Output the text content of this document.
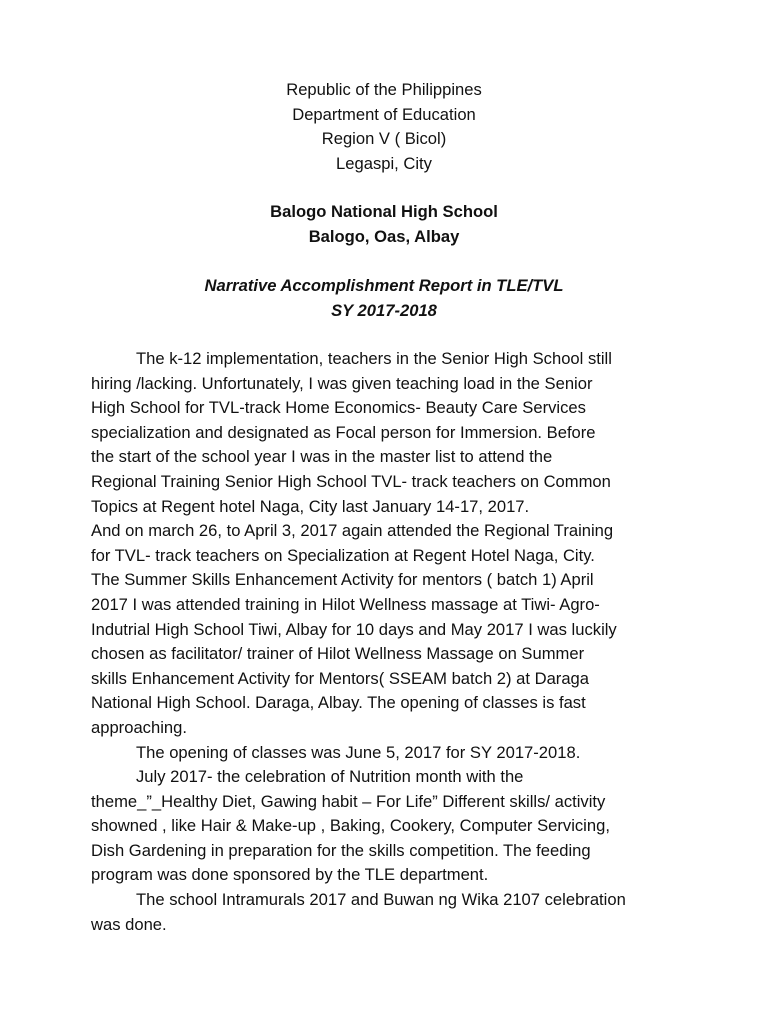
Republic of the Philippines
Department of Education
Region V ( Bicol)
Legaspi, City
Balogo National High School
Balogo, Oas, Albay
Narrative Accomplishment Report in TLE/TVL
SY 2017-2018
The k-12 implementation, teachers in the Senior High School still
hiring /lacking. Unfortunately, I was given teaching load in the Senior
High School for TVL-track Home Economics- Beauty Care Services
specialization and designated as Focal person for Immersion. Before
the start of the school year I was in the master list to attend the
Regional Training Senior High School TVL- track teachers on Common
Topics at Regent hotel Naga, City last January 14-17, 2017.
And on march 26, to April 3, 2017 again attended the Regional Training
for TVL- track teachers on Specialization at Regent Hotel Naga, City.
The Summer Skills Enhancement Activity for mentors ( batch 1) April
2017 I was attended training in Hilot Wellness massage at Tiwi- Agro-
Indutrial High School Tiwi, Albay for 10 days and May 2017 I was luckily
chosen as facilitator/ trainer of Hilot Wellness Massage on Summer
skills Enhancement Activity for Mentors( SSEAM batch 2) at Daraga
National High School. Daraga, Albay. The opening of classes is fast
approaching.
The opening of classes was June 5, 2017 for SY 2017-2018.
July 2017- the celebration of Nutrition month with the
theme_”_Healthy Diet, Gawing habit – For Life” Different skills/ activity
showned , like Hair & Make-up , Baking, Cookery, Computer Servicing,
Dish Gardening in preparation for the skills competition. The feeding
program was done sponsored by the TLE department.
The school Intramurals 2017 and Buwan ng Wika 2107 celebration
was done.
